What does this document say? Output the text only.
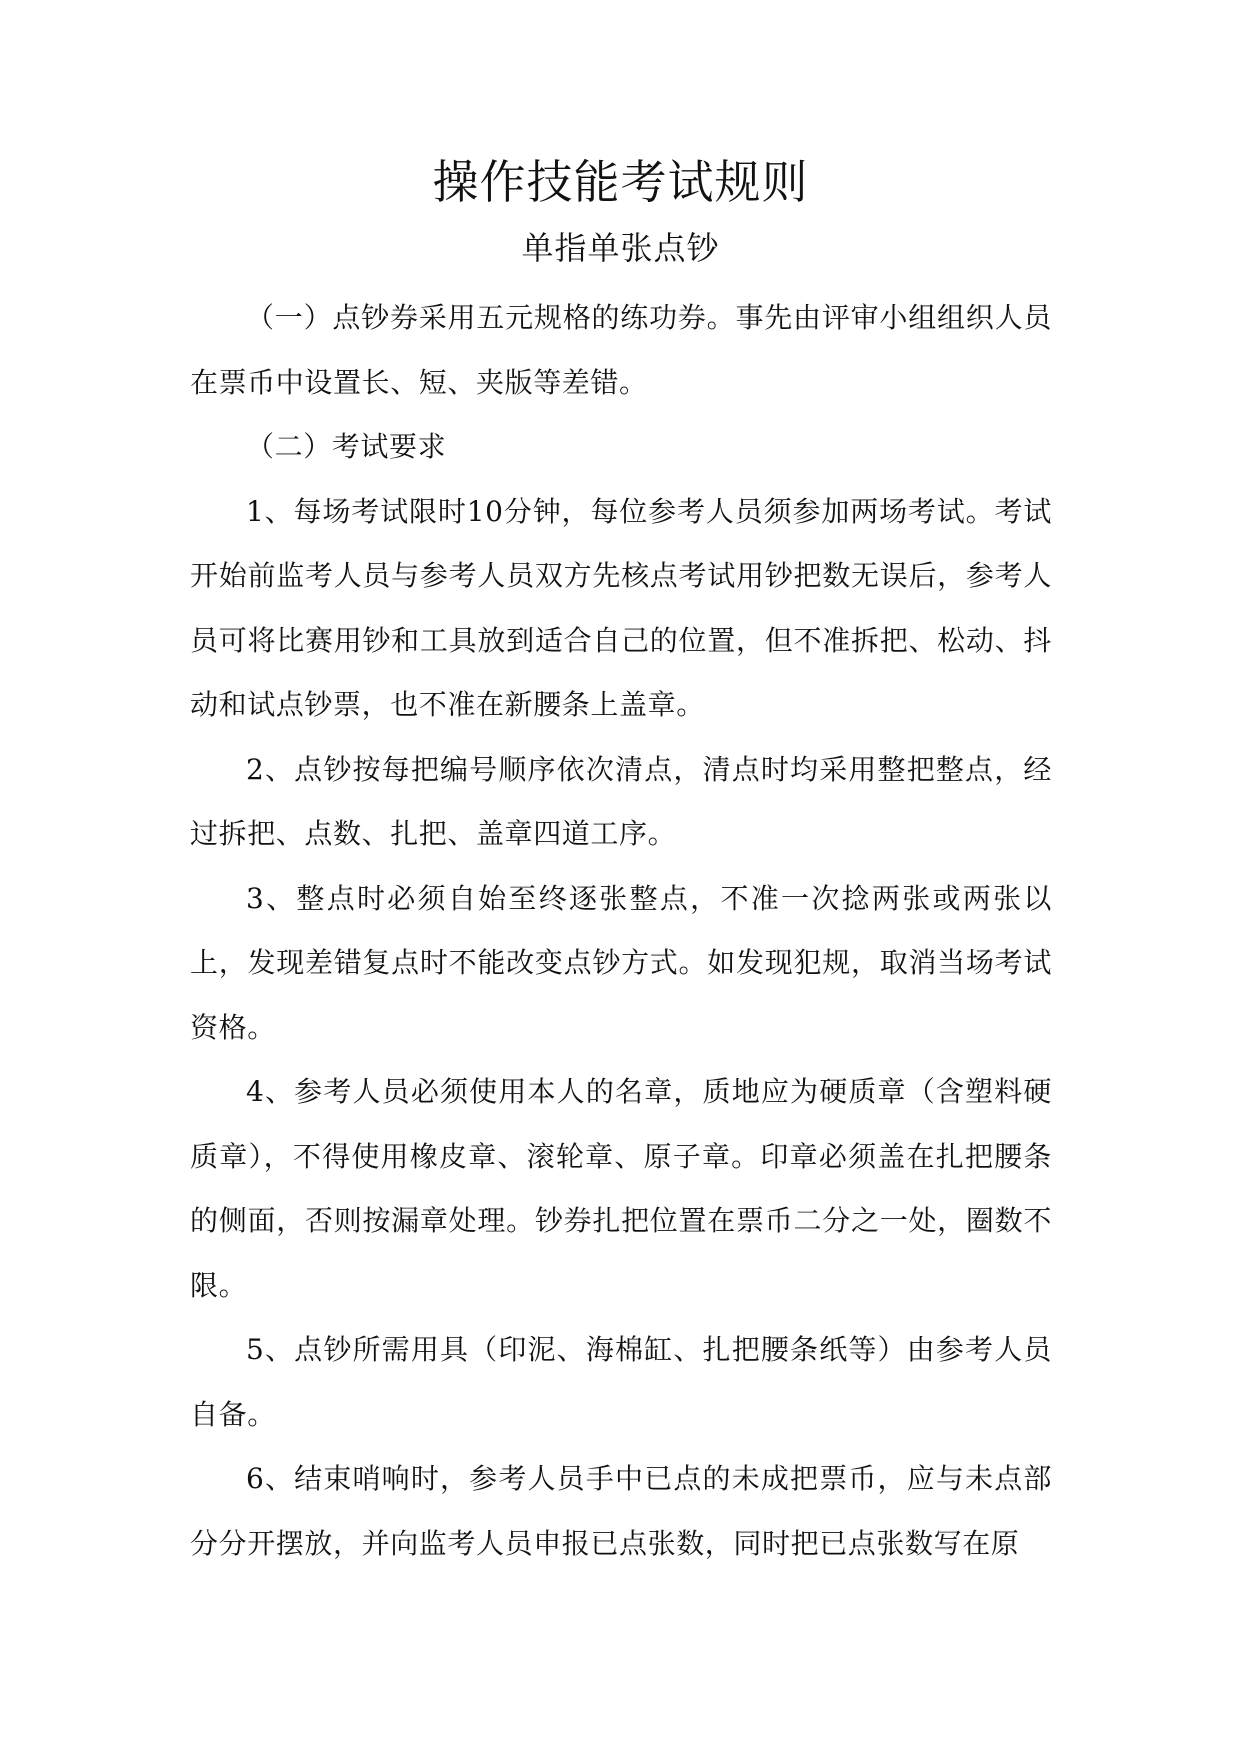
操作技能考试规则
单指单张点钞

（一）点钞券采用五元规格的练功券。事先由评审小组组织人员在票币中设置长、短、夹版等差错。

（二）考试要求

1、每场考试限时10分钟，每位参考人员须参加两场考试。考试开始前监考人员与参考人员双方先核点考试用钞把数无误后，参考人员可将比赛用钞和工具放到适合自己的位置，但不准拆把、松动、抖动和试点钞票，也不准在新腰条上盖章。

2、点钞按每把编号顺序依次清点，清点时均采用整把整点，经过拆把、点数、扎把、盖章四道工序。

3、整点时必须自始至终逐张整点，不准一次捻两张或两张以上，发现差错复点时不能改变点钞方式。如发现犯规，取消当场考试资格。

4、参考人员必须使用本人的名章，质地应为硬质章（含塑料硬质章），不得使用橡皮章、滚轮章、原子章。印章必须盖在扎把腰条的侧面，否则按漏章处理。钞券扎把位置在票币二分之一处，圈数不限。

5、点钞所需用具（印泥、海棉缸、扎把腰条纸等）由参考人员自备。

6、结束哨响时，参考人员手中已点的未成把票币，应与未点部分分开摆放，并向监考人员申报已点张数，同时把已点张数写在原
